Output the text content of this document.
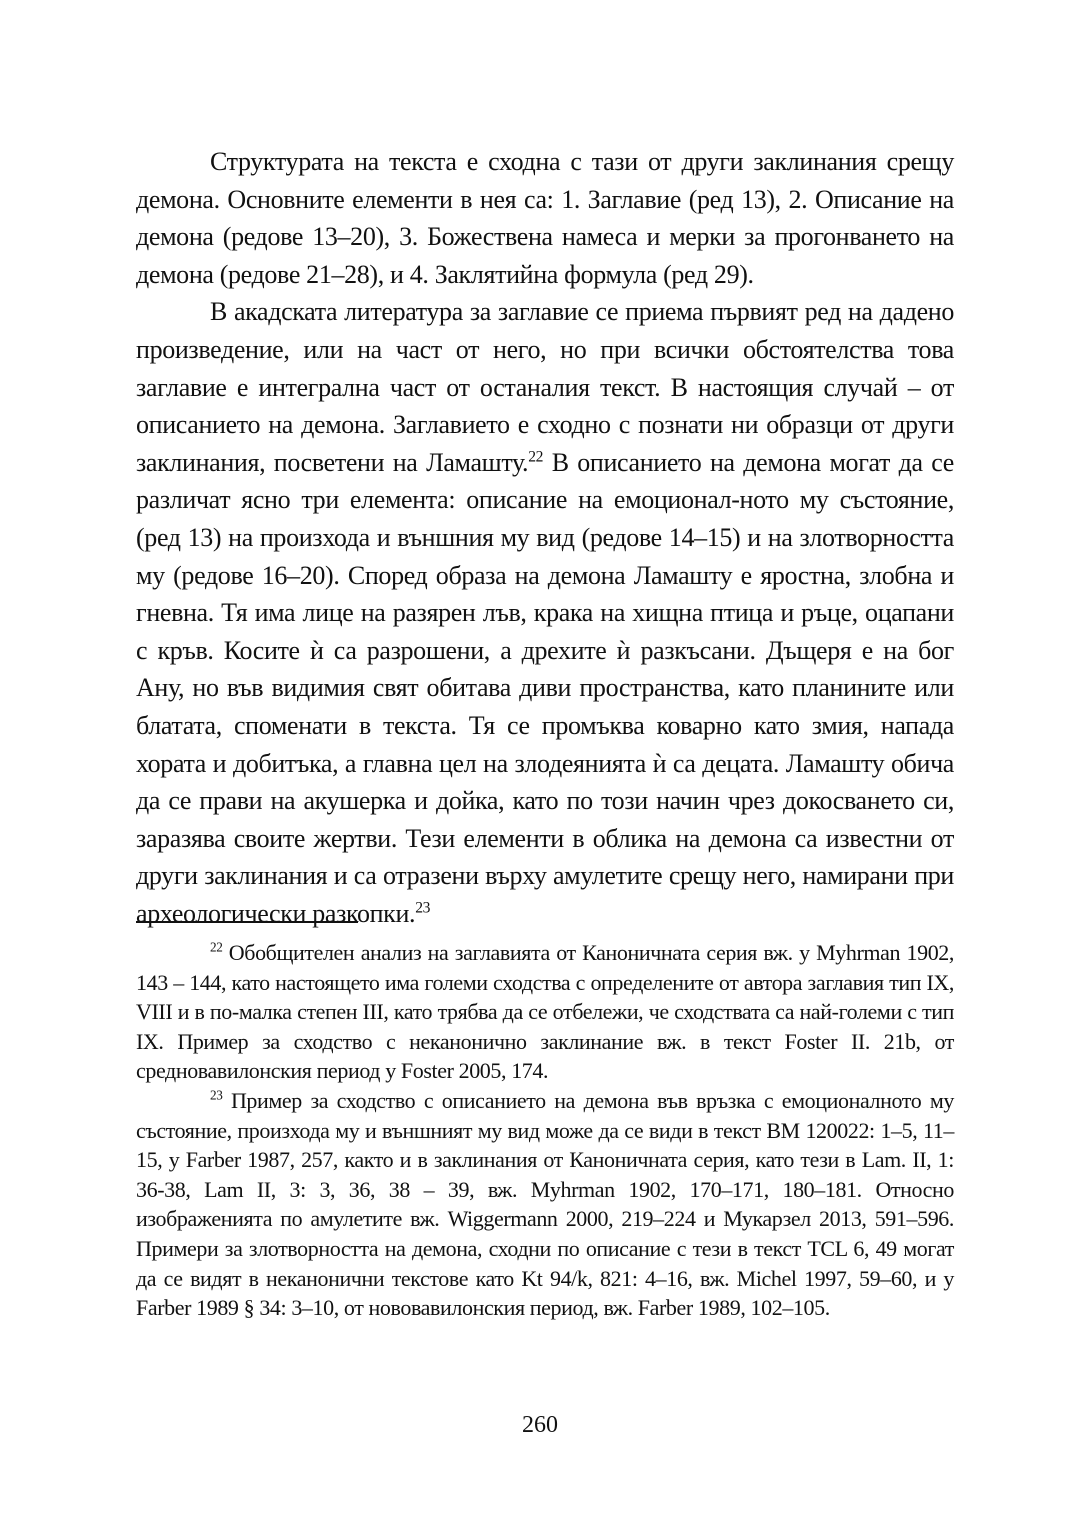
Структурата на текста е сходна с тази от други заклинания срещу демона. Основните елементи в нея са: 1. Заглавие (ред 13), 2. Описание на демона (редове 13–20), 3. Божествена намеса и мерки за прогонването на демона (редове 21–28), и 4. Заклятийна формула (ред 29).

В акадската литература за заглавие се приема първият ред на дадено произведение, или на част от него, но при всички обстоятелства това заглавие е интегрална част от останалия текст. В настоящия случай – от описанието на демона. Заглавието е сходно с познати ни образци от други заклинания, посветени на Ламашту.$^{22}$ В описанието на демона могат да се различат ясно три елемента: описание на емоционал-ното му състояние, (ред 13) на произхода и външния му вид (редове 14–15) и на злотворността му (редове 16–20). Според образа на демона Ламашту е яростна, злобна и гневна. Тя има лице на разярен лъв, крака на хищна птица и ръце, оцапани с кръв. Косите ѝ са разрошени, а дрехите ѝ разкъсани. Дъщеря е на бог Ану, но във видимия свят обитава диви пространства, като планините или блатата, споменати в текста. Тя се промъква коварно като змия, напада хората и добитъка, а главна цел на злодеянията ѝ са децата. Ламашту обича да се прави на акушерка и дойка, като по този начин чрез докосването си, заразява своите жертви. Тези елементи в облика на демона са известни от други заклинания и са отразени върху амулетите срещу него, намирани при археологически разкопки.$^{23}$

$^{22}$ Обобщителен анализ на заглавията от Каноничната серия вж. у Myhrman 1902, 143 – 144, като настоящето има големи сходства с определените от автора заглавия тип IX, VIII и в по-малка степен III, като трябва да се отбележи, че сходствата са най-големи с тип IX. Пример за сходство с неканонично заклинание вж. в текст Foster II. 21b, от средновавилонския период у Foster 2005, 174.

$^{23}$ Пример за сходство с описанието на демона във връзка с емоционалното му състояние, произхода му и външният му вид може да се види в текст BM 120022: 1–5, 11–15, у Farber 1987, 257, както и в заклинания от Каноничната серия, като тези в Lam. II, 1: 36-38, Lam II, 3: 3, 36, 38 – 39, вж. Myhrman 1902, 170–171, 180–181. Относно изображенията по амулетите вж. Wiggermann 2000, 219–224 и Мукарзел 2013, 591–596. Примери за злотворността на демона, сходни по описание с тези в текст TCL 6, 49 могат да се видят в неканонични текстове като Kt 94/k, 821: 4–16, вж. Michel 1997, 59–60, и у Farber 1989 § 34: 3–10, от нововавилонския период, вж. Farber 1989, 102–105.

260
